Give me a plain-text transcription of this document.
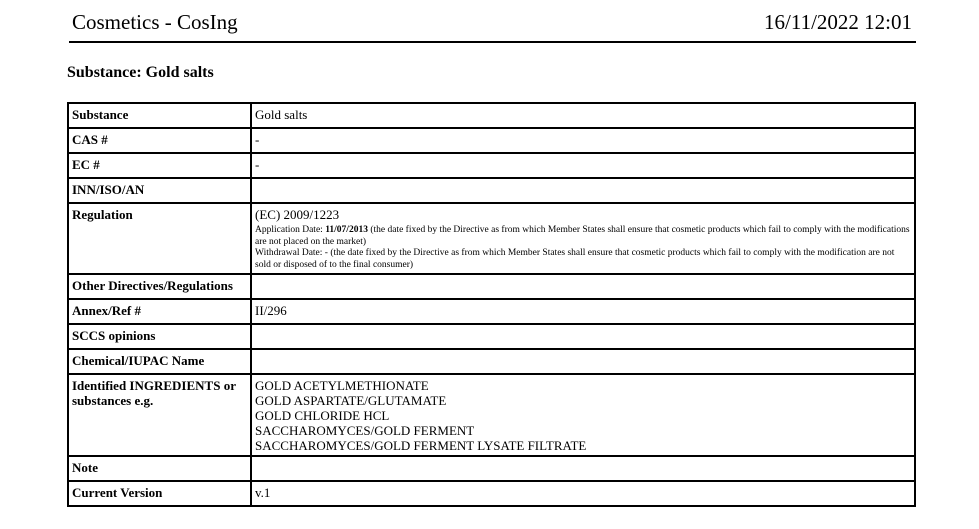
Cosmetics - CosIng	16/11/2022 12:01
Substance: Gold salts
Substance	Gold salts
CAS #	-
EC #	-
INN/ISO/AN	
Regulation	(EC) 2009/1223
Application Date: 11/07/2013 (the date fixed by the Directive as from which Member States shall ensure that cosmetic products which fail to comply with the modifications are not placed on the market)
Withdrawal Date: - (the date fixed by the Directive as from which Member States shall ensure that cosmetic products which fail to comply with the modification are not sold or disposed of to the final consumer)

Other Directives/Regulations	
Annex/Ref #	II/296
SCCS opinions	
Chemical/IUPAC Name	
Identified INGREDIENTS or substances e.g.	GOLD ACETYLMETHIONATE
GOLD ASPARTATE/GLUTAMATE
GOLD CHLORIDE HCL
SACCHAROMYCES/GOLD FERMENT
SACCHAROMYCES/GOLD FERMENT LYSATE FILTRATE

Note	
Current Version	v.1
